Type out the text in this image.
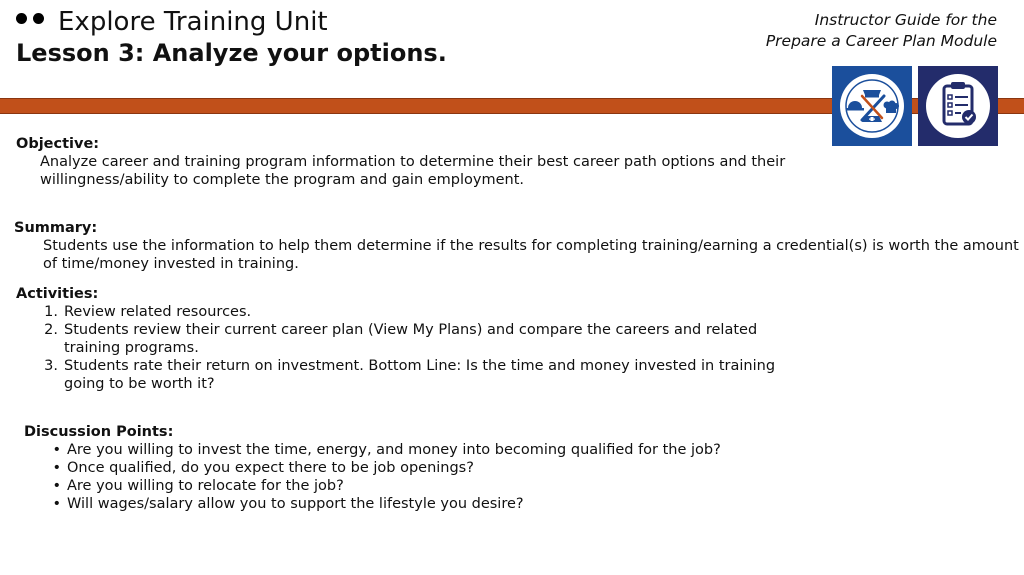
Explore Training Unit
Lesson 3: Analyze your options.
Instructor Guide for the
Prepare a Career Plan Module
Objective:
Analyze career and training program information to determine their best career path options and their
willingness/ability to complete the program and gain employment.
Summary:
Students use the information to help them determine if the results for completing training/earning a credential(s) is worth the amount
of time/money invested in training.
Activities:
1. Review related resources.
2. Students review their current career plan (View My Plans) and compare the careers and related
training programs.
3. Students rate their return on investment. Bottom Line: Is the time and money invested in training
going to be worth it?
Discussion Points:
• Are you willing to invest the time, energy, and money into becoming qualified for the job?
• Once qualified, do you expect there to be job openings?
• Are you willing to relocate for the job?
• Will wages/salary allow you to support the lifestyle you desire?
